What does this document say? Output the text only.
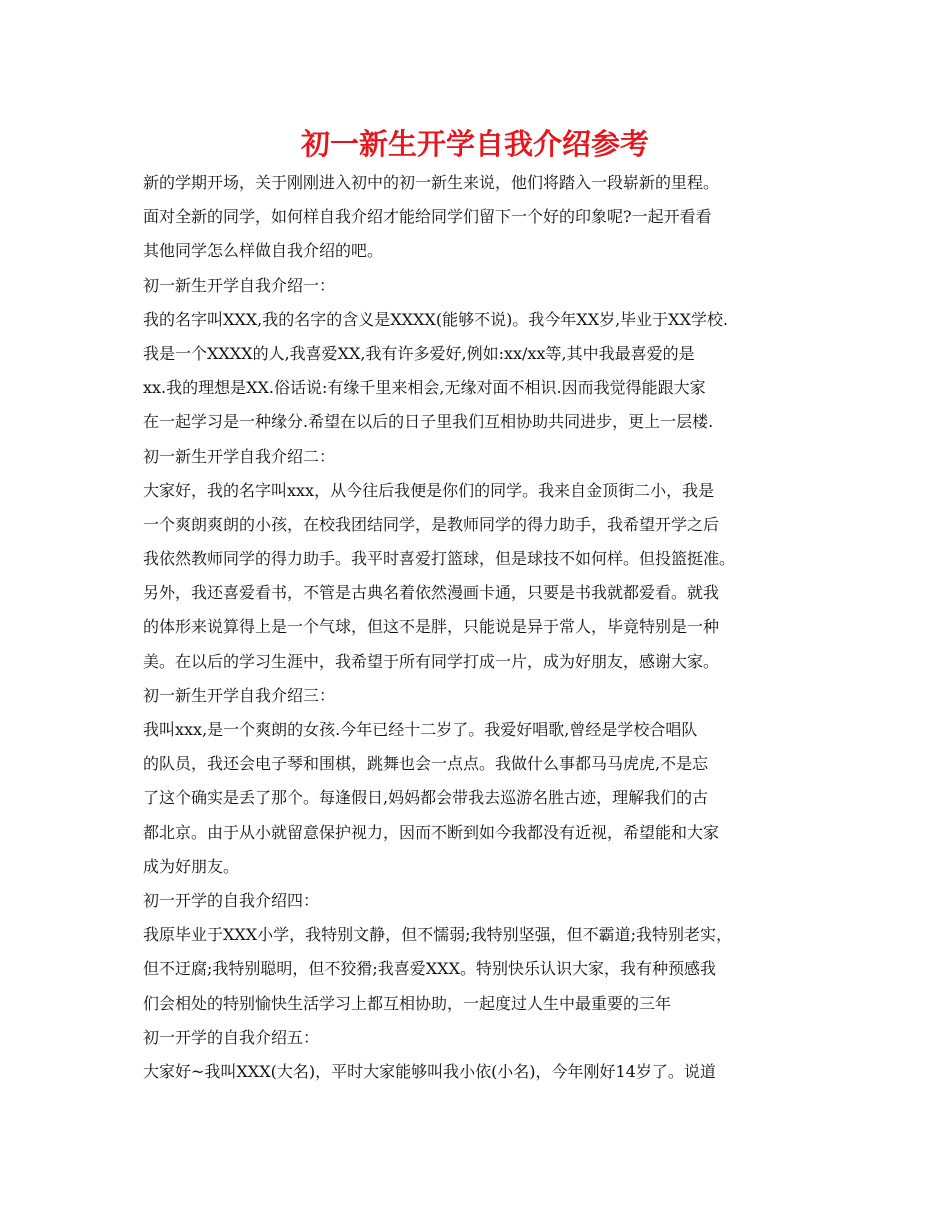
初一新生开学自我介绍参考
新的学期开场，关于刚刚进入初中的初一新生来说，他们将踏入一段崭新的里程。
面对全新的同学，如何样自我介绍才能给同学们留下一个好的印象呢?一起开看看
其他同学怎么样做自我介绍的吧。
初一新生开学自我介绍一：
我的名字叫XXX,我的名字的含义是XXXX(能够不说)。我今年XX岁,毕业于XX学校.
我是一个XXXX的人,我喜爱XX,我有许多爱好,例如:xx/xx等,其中我最喜爱的是
xx.我的理想是XX.俗话说:有缘千里来相会,无缘对面不相识.因而我觉得能跟大家
在一起学习是一种缘分.希望在以后的日子里我们互相协助共同进步，更上一层楼.
初一新生开学自我介绍二：
大家好，我的名字叫xxx，从今往后我便是你们的同学。我来自金顶街二小，我是
一个爽朗爽朗的小孩，在校我团结同学，是教师同学的得力助手，我希望开学之后
我依然教师同学的得力助手。我平时喜爱打篮球，但是球技不如何样。但投篮挺准。
另外，我还喜爱看书，不管是古典名着依然漫画卡通，只要是书我就都爱看。就我
的体形来说算得上是一个气球，但这不是胖，只能说是异于常人，毕竟特别是一种
美。在以后的学习生涯中，我希望于所有同学打成一片，成为好朋友，感谢大家。
初一新生开学自我介绍三：
我叫xxx,是一个爽朗的女孩.今年已经十二岁了。我爱好唱歌,曾经是学校合唱队
的队员，我还会电子琴和围棋，跳舞也会一点点。我做什么事都马马虎虎,不是忘
了这个确实是丢了那个。每逢假日,妈妈都会带我去巡游名胜古迹，理解我们的古
都北京。由于从小就留意保护视力，因而不断到如今我都没有近视，希望能和大家
成为好朋友。
初一开学的自我介绍四：
我原毕业于XXX小学，我特别文静，但不懦弱;我特别坚强，但不霸道;我特别老实，
但不迂腐;我特别聪明，但不狡猾;我喜爱XXX。特别快乐认识大家，我有种预感我
们会相处的特别愉快生活学习上都互相协助，一起度过人生中最重要的三年
初一开学的自我介绍五：
大家好~我叫XXX(大名)，平时大家能够叫我小依(小名)，今年刚好14岁了。说道
